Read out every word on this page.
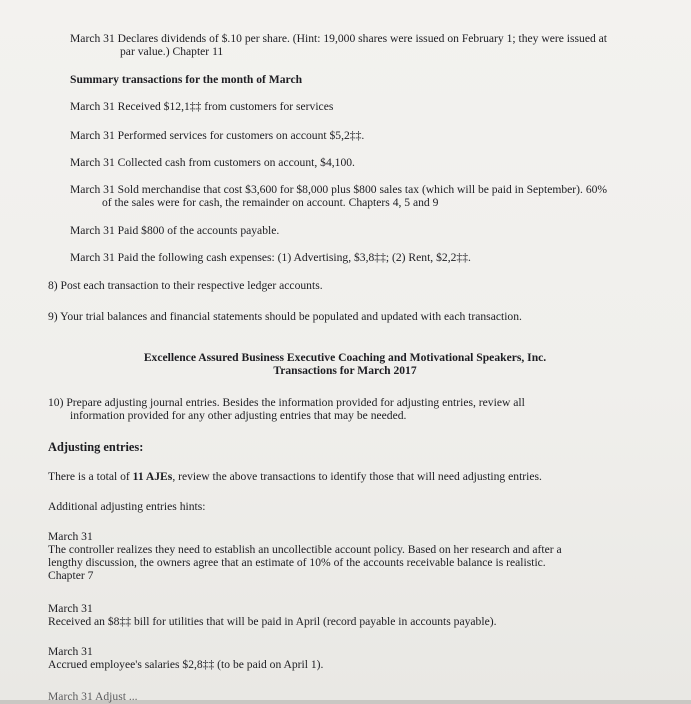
March 31 Declares dividends of $.10 per share. (Hint: 19,000 shares were issued on February 1; they were issued at
par value.) Chapter 11
Summary transactions for the month of March
March 31 Received $12,1‡‡ from customers for services
March 31 Performed services for customers on account $5,2‡‡.
March 31 Collected cash from customers on account, $4,100.
March 31 Sold merchandise that cost $3,600 for $8,000 plus $800 sales tax (which will be paid in September). 60%
of the sales were for cash, the remainder on account. Chapters 4, 5 and 9
March 31 Paid $800 of the accounts payable.
March 31 Paid the following cash expenses: (1) Advertising, $3,8‡‡; (2) Rent, $2,2‡‡.
8) Post each transaction to their respective ledger accounts.
9) Your trial balances and financial statements should be populated and updated with each transaction.
Excellence Assured Business Executive Coaching and Motivational Speakers, Inc.
Transactions for March 2017
10) Prepare adjusting journal entries. Besides the information provided for adjusting entries, review all
information provided for any other adjusting entries that may be needed.
Adjusting entries:
There is a total of 11 AJEs, review the above transactions to identify those that will need adjusting entries.
Additional adjusting entries hints:
March 31
The controller realizes they need to establish an uncollectible account policy. Based on her research and after a
lengthy discussion, the owners agree that an estimate of 10% of the accounts receivable balance is realistic.
Chapter 7
March 31
Received an $8‡‡ bill for utilities that will be paid in April (record payable in accounts payable).
March 31
Accrued employee's salaries $2,8‡‡ (to be paid on April 1).
March 31 Adjust ...
